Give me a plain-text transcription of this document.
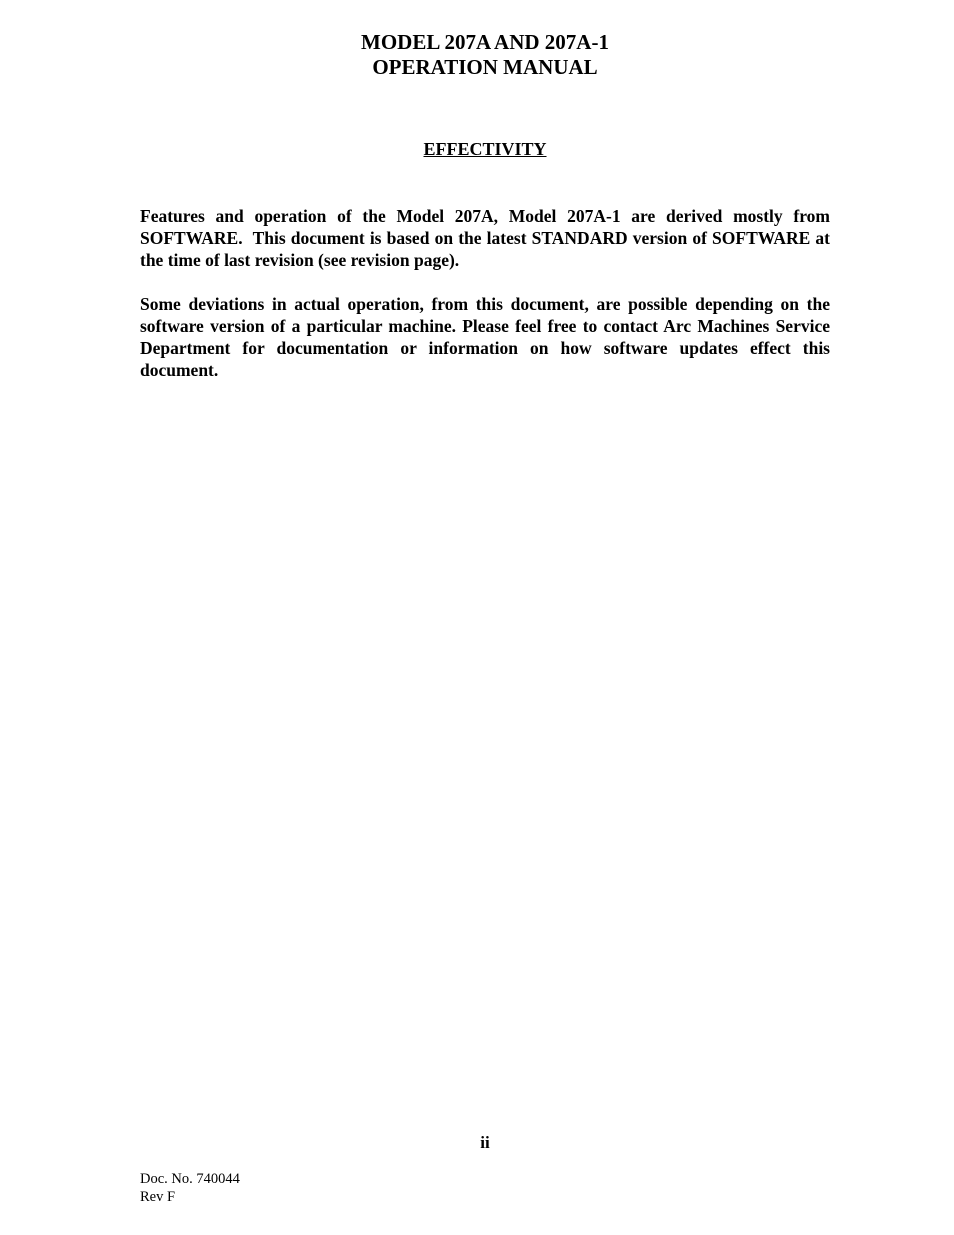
MODEL 207A AND 207A-1
OPERATION MANUAL
EFFECTIVITY

Features and operation of the Model 207A, Model 207A-1 are derived mostly from SOFTWARE.  This document is based on the latest STANDARD version of SOFTWARE at the time of last revision (see revision page).

Some deviations in actual operation, from this document, are possible depending on the software version of a particular machine. Please feel free to contact Arc Machines Service Department for documentation or information on how software updates effect this document.

ii
Doc. No. 740044
Rev F
